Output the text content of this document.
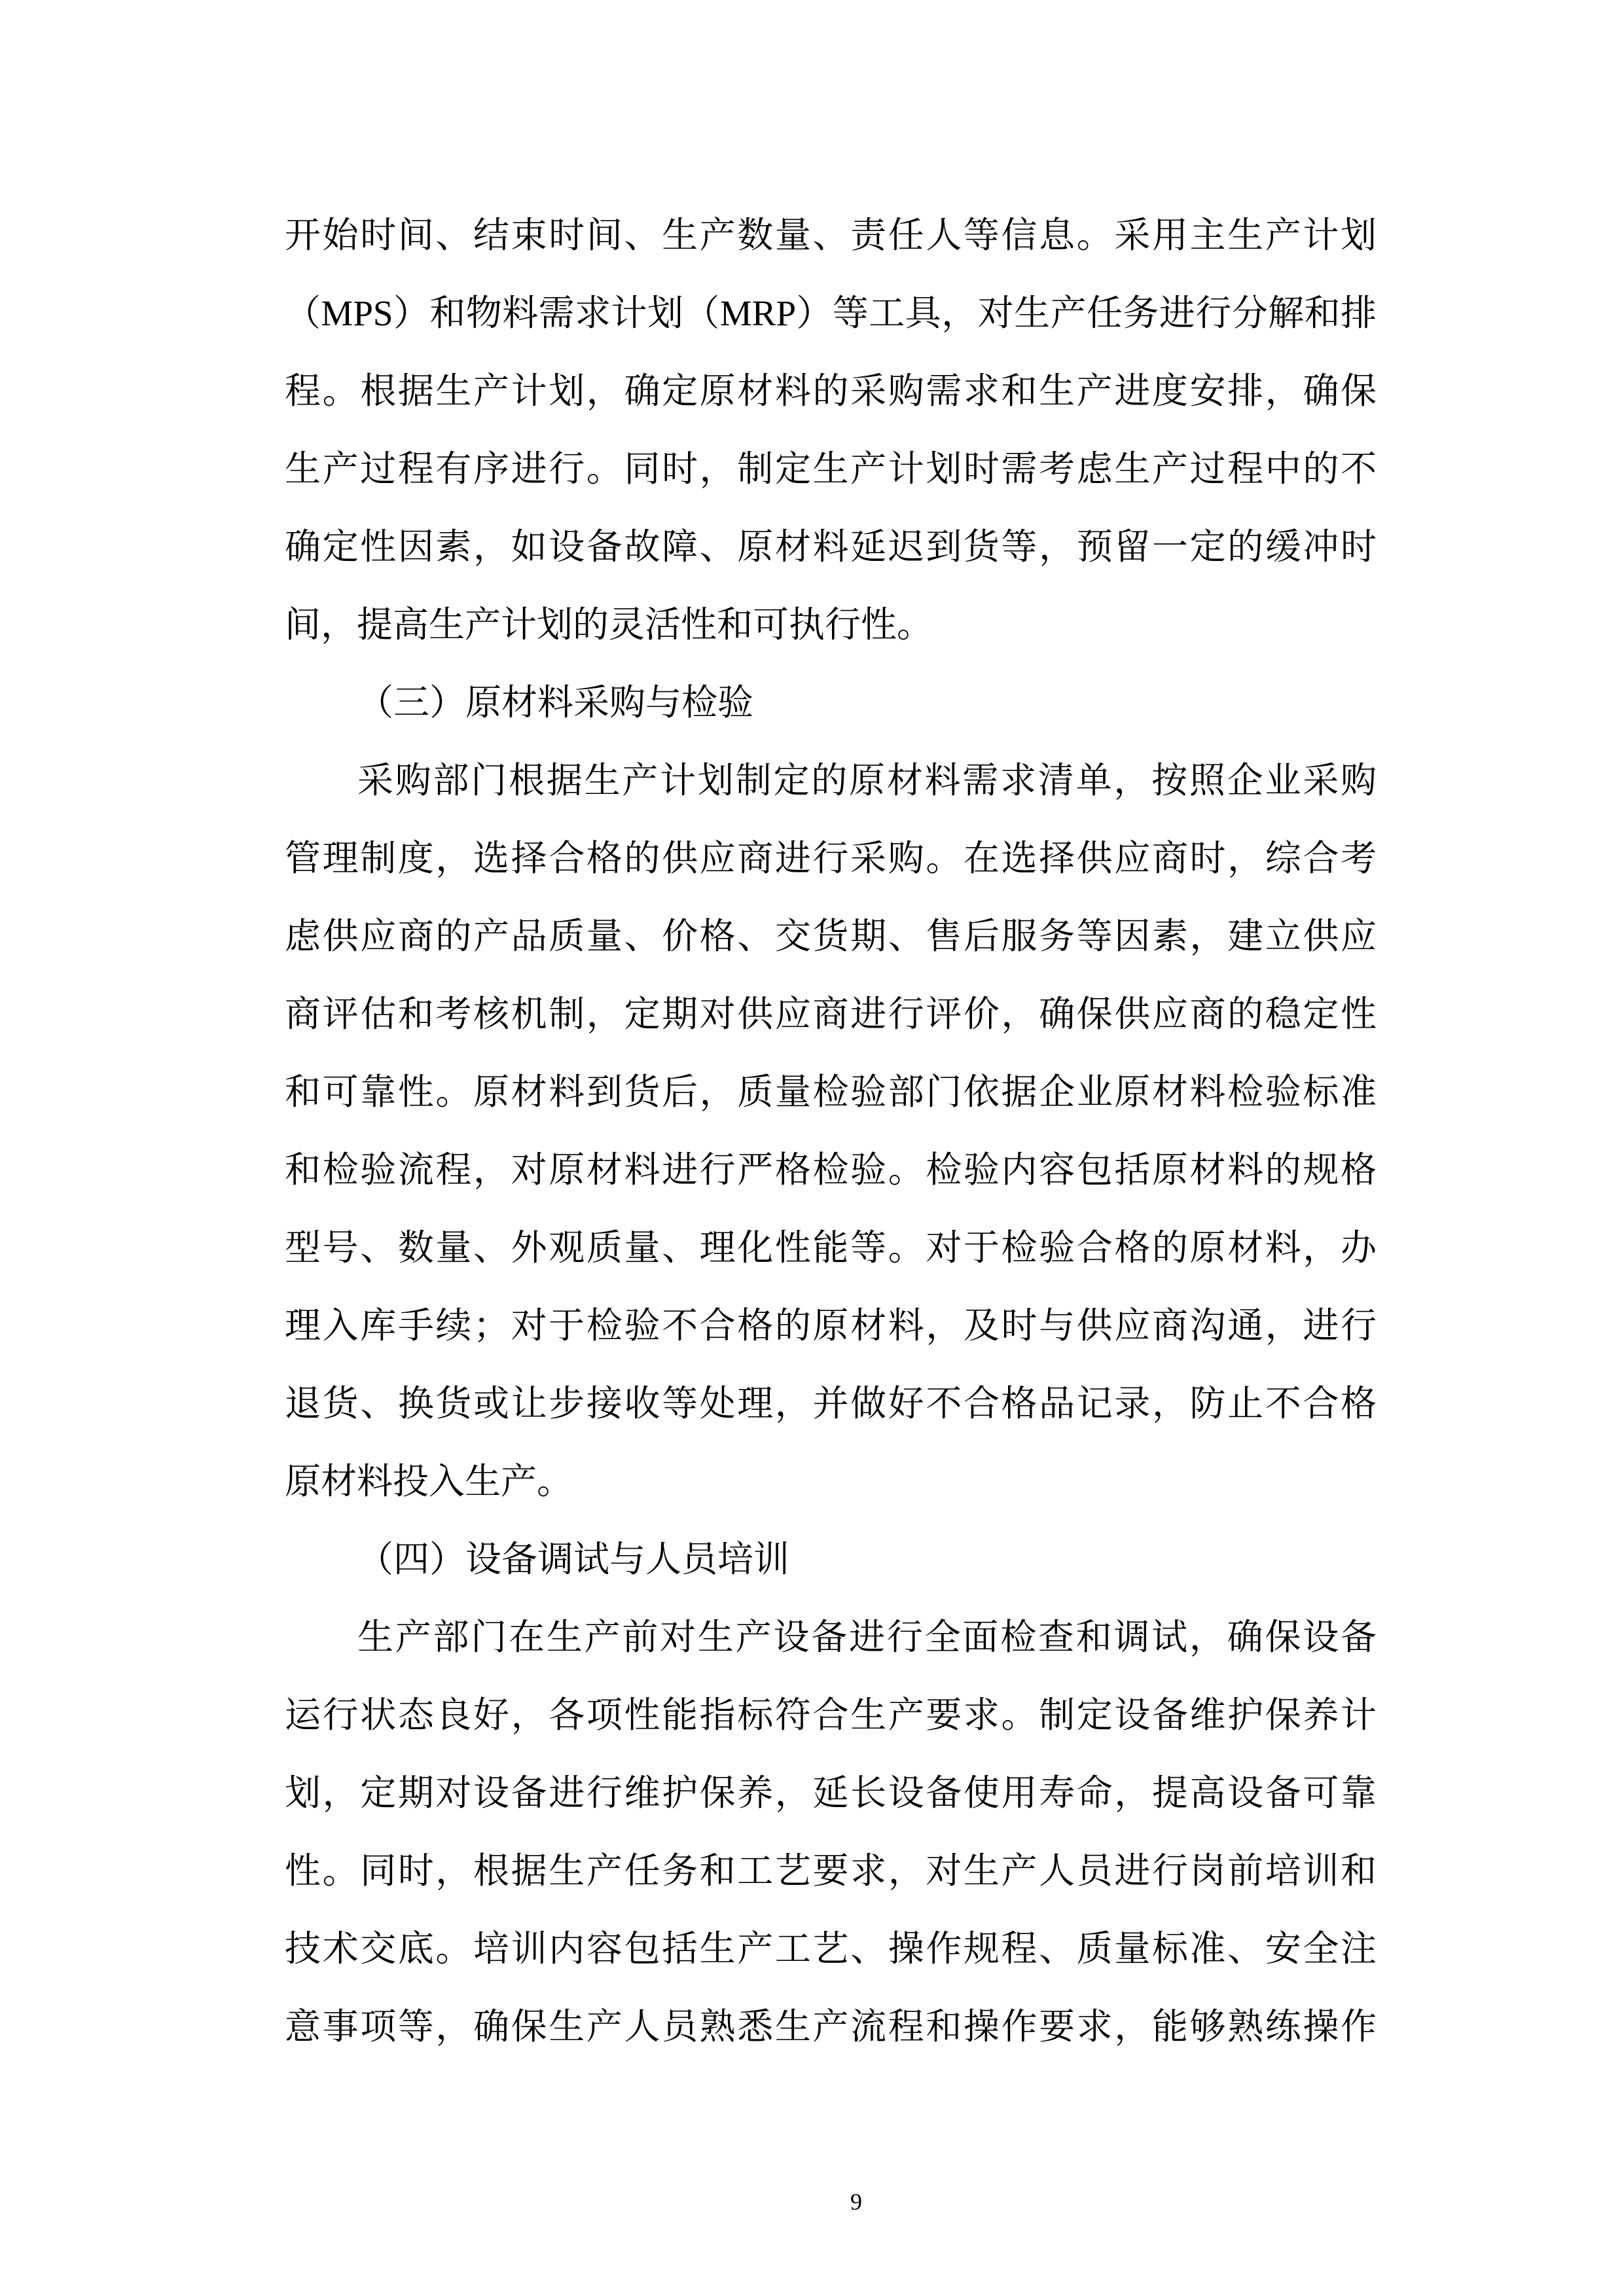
开始时间、结束时间、生产数量、责任人等信息。采用主生产计划
（MPS）和物料需求计划（MRP）等工具，对生产任务进行分解和排
程。根据生产计划，确定原材料的采购需求和生产进度安排，确保
生产过程有序进行。同时，制定生产计划时需考虑生产过程中的不
确定性因素，如设备故障、原材料延迟到货等，预留一定的缓冲时
间，提高生产计划的灵活性和可执行性。
（三）原材料采购与检验
采购部门根据生产计划制定的原材料需求清单，按照企业采购
管理制度，选择合格的供应商进行采购。在选择供应商时，综合考
虑供应商的产品质量、价格、交货期、售后服务等因素，建立供应
商评估和考核机制，定期对供应商进行评价，确保供应商的稳定性
和可靠性。原材料到货后，质量检验部门依据企业原材料检验标准
和检验流程，对原材料进行严格检验。检验内容包括原材料的规格
型号、数量、外观质量、理化性能等。对于检验合格的原材料，办
理入库手续；对于检验不合格的原材料，及时与供应商沟通，进行
退货、换货或让步接收等处理，并做好不合格品记录，防止不合格
原材料投入生产。
（四）设备调试与人员培训
生产部门在生产前对生产设备进行全面检查和调试，确保设备
运行状态良好，各项性能指标符合生产要求。制定设备维护保养计
划，定期对设备进行维护保养，延长设备使用寿命，提高设备可靠
性。同时，根据生产任务和工艺要求，对生产人员进行岗前培训和
技术交底。培训内容包括生产工艺、操作规程、质量标准、安全注
意事项等，确保生产人员熟悉生产流程和操作要求，能够熟练操作
9
